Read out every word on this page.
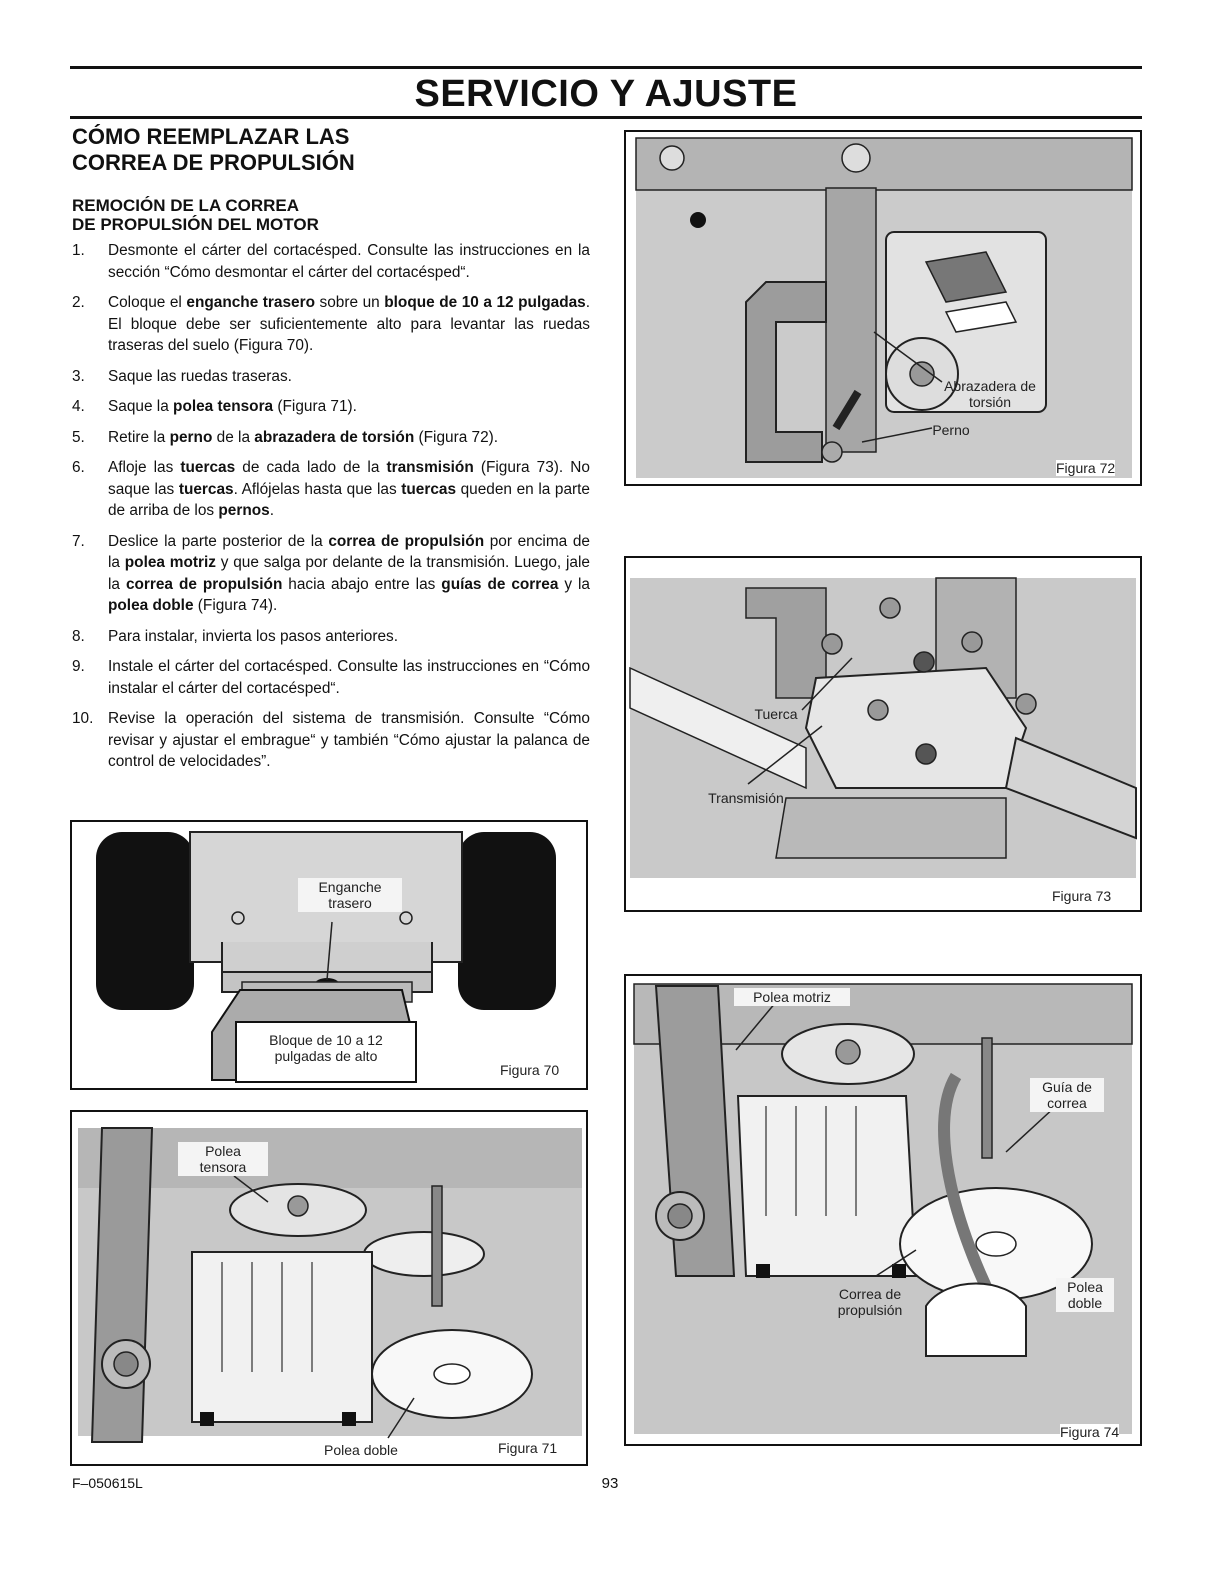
SERVICIO Y AJUSTE
CÓMO REEMPLAZAR LAS
CORREA DE PROPULSIÓN
REMOCIÓN DE LA CORREA
DE PROPULSIÓN DEL MOTOR
1. Desmonte el cárter del cortacésped. Consulte las instrucciones en la sección “Cómo desmontar el cárter del cortacésped“.
2. Coloque el enganche trasero sobre un bloque de 10 a 12 pulgadas. El bloque debe ser suficientemente alto para levantar las ruedas traseras del suelo (Figura 70).
3. Saque las ruedas traseras.
4. Saque la polea tensora (Figura 71).
5. Retire la perno de la abrazadera de torsión (Figura 72).
6. Afloje las tuercas de cada lado de la transmisión (Figura 73). No saque las tuercas. Aflójelas hasta que las tuercas queden en la parte de arriba de los pernos.
7. Deslice la parte posterior de la correa de propulsión por encima de la polea motriz y que salga por delante de la transmisión. Luego, jale la correa de propulsión hacia abajo entre las guías de correa y la polea doble (Figura 74).
8. Para instalar, invierta los pasos anteriores.
9. Instale el cárter del cortacésped. Consulte las instrucciones en “Cómo instalar el cárter del cortacésped“.
10. Revise la operación del sistema de transmisión. Consulte “Cómo revisar y ajustar el embrague“ y también “Cómo ajustar la palanca de control de velocidades”.
Enganche
trasero
Bloque de 10 a 12
pulgadas de alto
Figura 70
Polea
tensora
Polea doble	Figura 71
Abrazadera de
torsión
Perno
Figura 72
Tuerca
Transmisión
Figura 73
Polea motriz
Guía de
correa
Correa de
propulsión
Polea
doble
Figura 74
F–050615L	93
